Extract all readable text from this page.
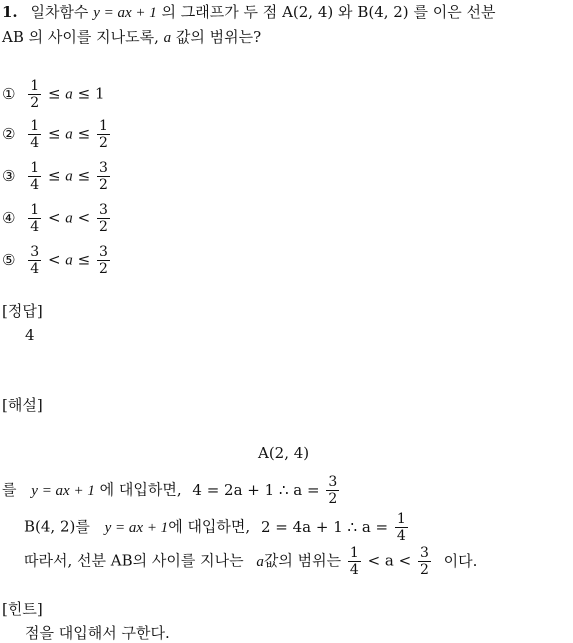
1. 일차함수 y = ax + 1 의 그래프가 두 점 A(2, 4) 와 B(4, 2) 를 이은 선분
AB 의 사이를 지나도록, a 값의 범위는?
① $\frac{1}{2} \le a \le 1$
② $\frac{1}{4} \le a \le \frac{1}{2}$
③ $\frac{1}{4} \le a \le \frac{3}{2}$
④ $\frac{1}{4} < a < \frac{3}{2}$
⑤ $\frac{3}{4} < a \le \frac{3}{2}$
[정답]
4
[해설]
A(2, 4)
를 y = ax + 1 에 대입하면, 4 = 2a + 1 ∴ $a = \frac{3}{2}$
B(4, 2)를 y = ax + 1에 대입하면, 2 = 4a + 1 ∴ $a = \frac{1}{4}$
따라서, 선분 AB의 사이를 지나는 a값의 범위는 $\frac{1}{4} < a < \frac{3}{2}$ 이다.
[힌트]
점을 대입해서 구한다.
